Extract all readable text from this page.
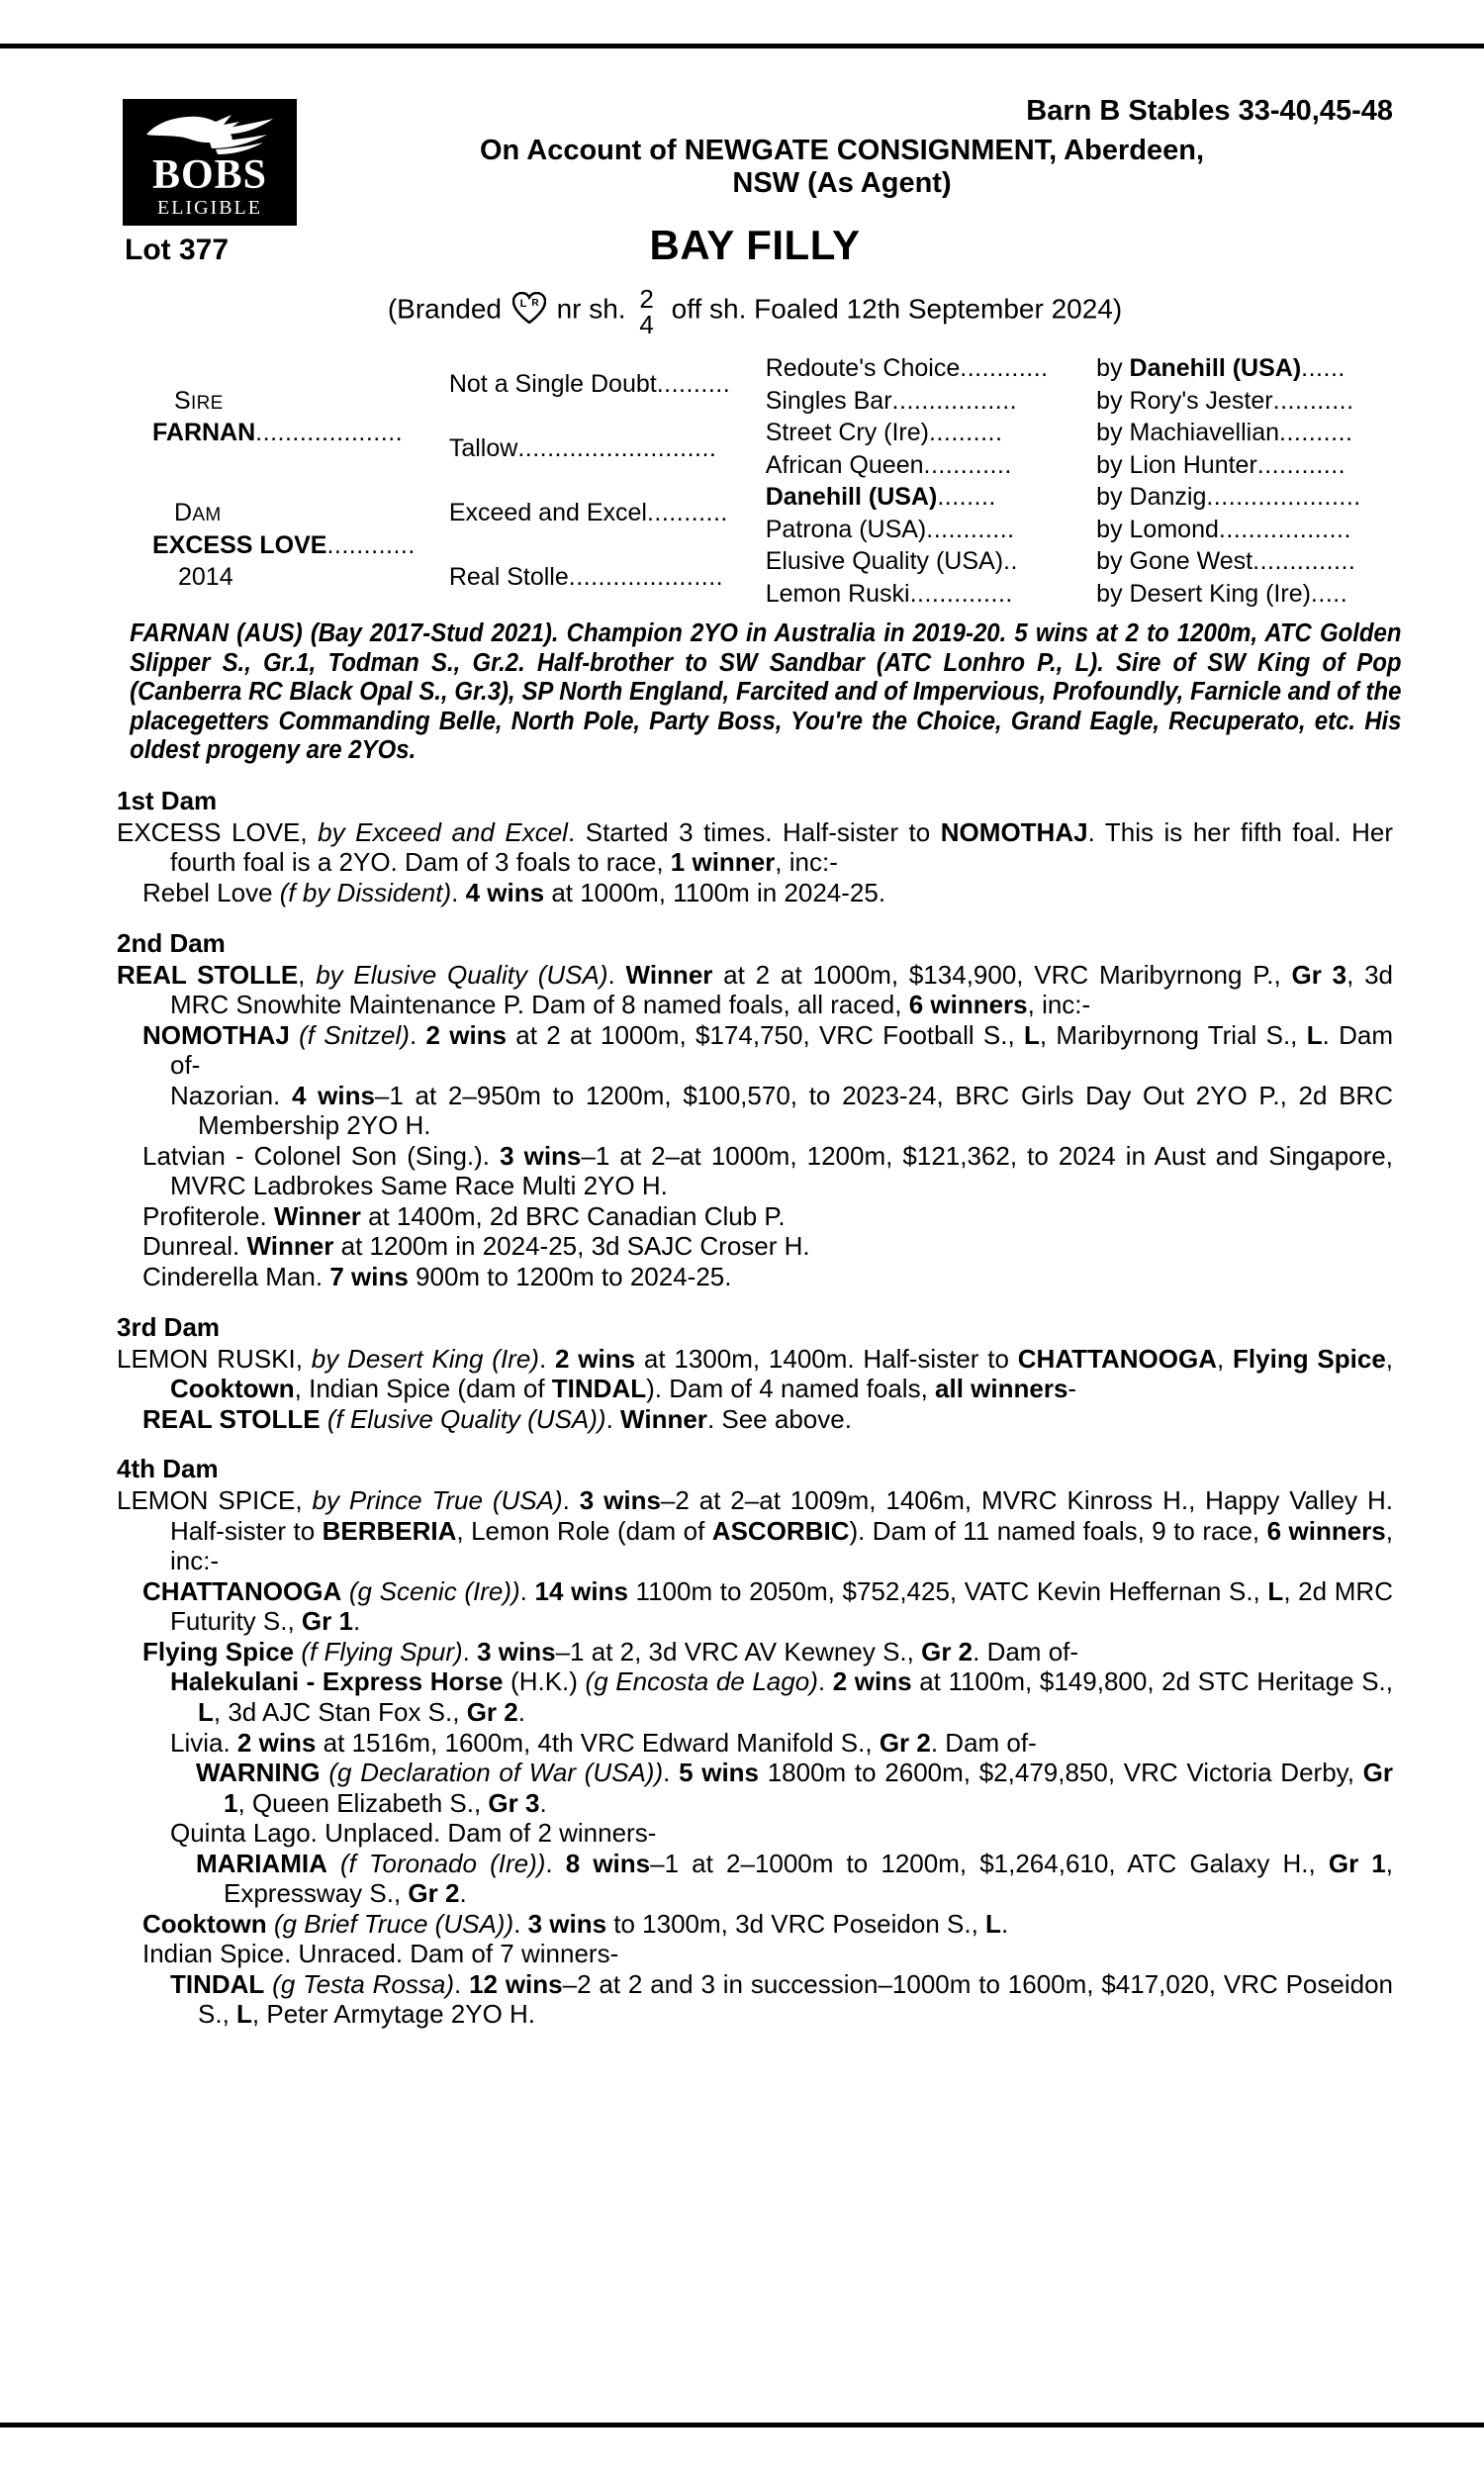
BOBS
ELIGIBLE
Barn B Stables 33-40,45-48
On Account of NEWGATE CONSIGNMENT, Aberdeen,
NSW (As Agent)
Lot 377	BAY FILLY
(Branded L R nr sh. 2
4
off sh. Foaled 12th September 2024)
SIRE
FARNAN....................	Not a Single Doubt..........	Redoute's Choice............	by Danehill (USA)......
		Singles Bar.................	by Rory's Jester...........
	Tallow...........................	Street Cry (Ire)..........	by Machiavellian..........
		African Queen............	by Lion Hunter............

DAM
EXCESS LOVE............
2014	Exceed and Excel...........	Danehill (USA)........	by Danzig.....................
		Patrona (USA)............	by Lomond..................
	Real Stolle.....................	Elusive Quality (USA)..	by Gone West..............
		Lemon Ruski..............	by Desert King (Ire).....
FARNAN (AUS) (Bay 2017-Stud 2021). Champion 2YO in Australia in 2019-20. 5 wins at 2 to 1200m, ATC Golden Slipper S., Gr.1, Todman S., Gr.2. Half-brother to SW Sandbar (ATC Lonhro P., L). Sire of SW King of Pop (Canberra RC Black Opal S., Gr.3), SP North England, Farcited and of Impervious, Profoundly, Farnicle and of the placegetters Commanding Belle, North Pole, Party Boss, You're the Choice, Grand Eagle, Recuperato, etc. His oldest progeny are 2YOs.
1st Dam

EXCESS LOVE, by Exceed and Excel. Started 3 times. Half-sister to NOMOTHAJ. This is her fifth foal. Her fourth foal is a 2YO. Dam of 3 foals to race, 1 winner, inc:-

Rebel Love (f by Dissident). 4 wins at 1000m, 1100m in 2024-25.

2nd Dam

REAL STOLLE, by Elusive Quality (USA). Winner at 2 at 1000m, $134,900, VRC Maribyrnong P., Gr 3, 3d MRC Snowhite Maintenance P. Dam of 8 named foals, all raced, 6 winners, inc:-

NOMOTHAJ (f Snitzel). 2 wins at 2 at 1000m, $174,750, VRC Football S., L, Maribyrnong Trial S., L. Dam of-

Nazorian. 4 wins–1 at 2–950m to 1200m, $100,570, to 2023-24, BRC Girls Day Out 2YO P., 2d BRC Membership 2YO H.

Latvian - Colonel Son (Sing.). 3 wins–1 at 2–at 1000m, 1200m, $121,362, to 2024 in Aust and Singapore, MVRC Ladbrokes Same Race Multi 2YO H.

Profiterole. Winner at 1400m, 2d BRC Canadian Club P.

Dunreal. Winner at 1200m in 2024-25, 3d SAJC Croser H.

Cinderella Man. 7 wins 900m to 1200m to 2024-25.

3rd Dam

LEMON RUSKI, by Desert King (Ire). 2 wins at 1300m, 1400m. Half-sister to CHATTANOOGA, Flying Spice, Cooktown, Indian Spice (dam of TINDAL). Dam of 4 named foals, all winners-

REAL STOLLE (f Elusive Quality (USA)). Winner. See above.

4th Dam

LEMON SPICE, by Prince True (USA). 3 wins–2 at 2–at 1009m, 1406m, MVRC Kinross H., Happy Valley H. Half-sister to BERBERIA, Lemon Role (dam of ASCORBIC). Dam of 11 named foals, 9 to race, 6 winners, inc:-

CHATTANOOGA (g Scenic (Ire)). 14 wins 1100m to 2050m, $752,425, VATC Kevin Heffernan S., L, 2d MRC Futurity S., Gr 1.

Flying Spice (f Flying Spur). 3 wins–1 at 2, 3d VRC AV Kewney S., Gr 2. Dam of-

Halekulani - Express Horse (H.K.) (g Encosta de Lago). 2 wins at 1100m, $149,800, 2d STC Heritage S., L, 3d AJC Stan Fox S., Gr 2.

Livia. 2 wins at 1516m, 1600m, 4th VRC Edward Manifold S., Gr 2. Dam of-

WARNING (g Declaration of War (USA)). 5 wins 1800m to 2600m, $2,479,850, VRC Victoria Derby, Gr 1, Queen Elizabeth S., Gr 3.

Quinta Lago. Unplaced. Dam of 2 winners-

MARIAMIA (f Toronado (Ire)). 8 wins–1 at 2–1000m to 1200m, $1,264,610, ATC Galaxy H., Gr 1, Expressway S., Gr 2.

Cooktown (g Brief Truce (USA)). 3 wins to 1300m, 3d VRC Poseidon S., L.

Indian Spice. Unraced. Dam of 7 winners-

TINDAL (g Testa Rossa). 12 wins–2 at 2 and 3 in succession–1000m to 1600m, $417,020, VRC Poseidon S., L, Peter Armytage 2YO H.
